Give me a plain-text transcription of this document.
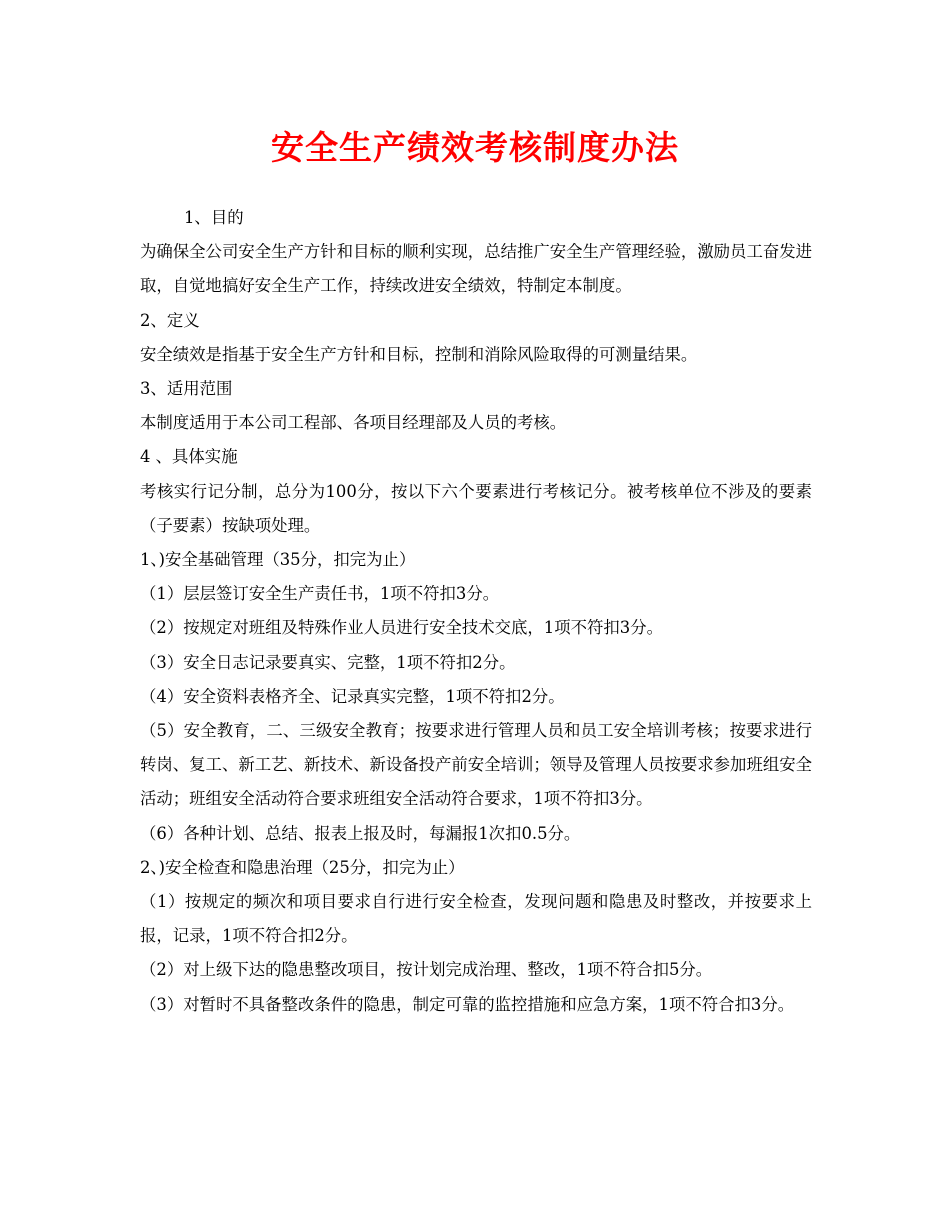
安全生产绩效考核制度办法

1、目的

为确保全公司安全生产方针和目标的顺利实现，总结推广安全生产管理经验，激励员工奋发进取，自觉地搞好安全生产工作，持续改进安全绩效，特制定本制度。

2、定义

安全绩效是指基于安全生产方针和目标，控制和消除风险取得的可测量结果。

3、适用范围

本制度适用于本公司工程部、各项目经理部及人员的考核。

4 、具体实施

考核实行记分制，总分为100分，按以下六个要素进行考核记分。被考核单位不涉及的要素（子要素）按缺项处理。

1、)安全基础管理（35分，扣完为止）

（1）层层签订安全生产责任书，1项不符扣3分。

（2）按规定对班组及特殊作业人员进行安全技术交底，1项不符扣3分。

（3）安全日志记录要真实、完整，1项不符扣2分。

（4）安全资料表格齐全、记录真实完整，1项不符扣2分。

（5）安全教育，二、三级安全教育；按要求进行管理人员和员工安全培训考核；按要求进行转岗、复工、新工艺、新技术、新设备投产前安全培训；领导及管理人员按要求参加班组安全活动；班组安全活动符合要求班组安全活动符合要求，1项不符扣3分。

（6）各种计划、总结、报表上报及时，每漏报1次扣0.5分。

2、)安全检查和隐患治理（25分，扣完为止）

（1）按规定的频次和项目要求自行进行安全检查，发现问题和隐患及时整改，并按要求上报，记录，1项不符合扣2分。

（2）对上级下达的隐患整改项目，按计划完成治理、整改，1项不符合扣5分。

（3）对暂时不具备整改条件的隐患，制定可靠的监控措施和应急方案，1项不符合扣3分。
